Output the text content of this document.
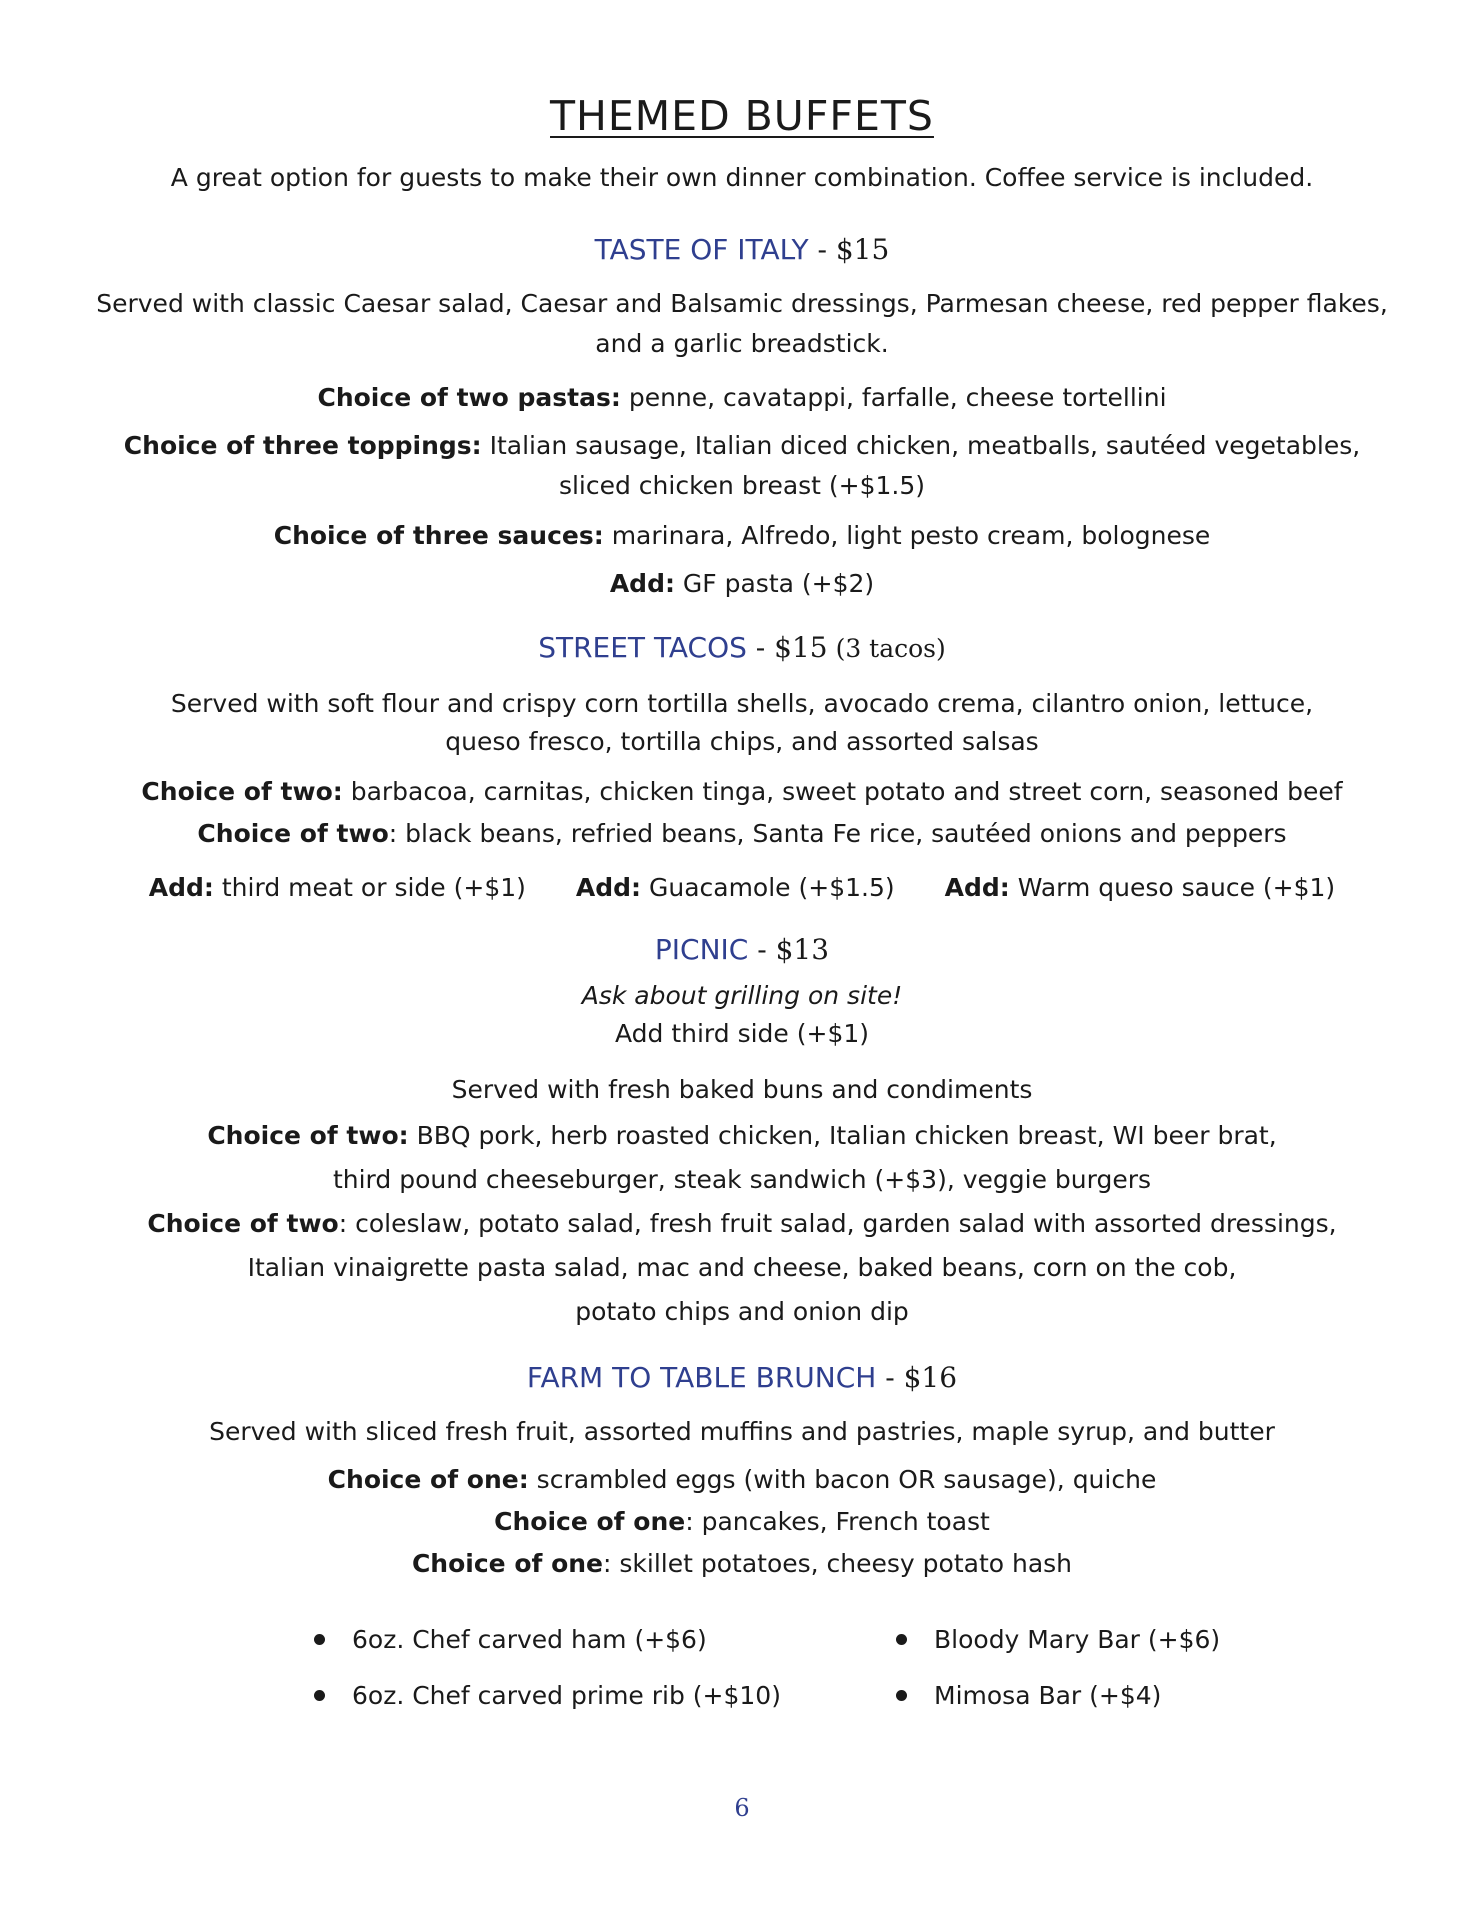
THEMED BUFFETS
A great option for guests to make their own dinner combination. Coffee service is included.
TASTE OF ITALY - $15
Served with classic Caesar salad, Caesar and Balsamic dressings, Parmesan cheese, red pepper flakes,
and a garlic breadstick.
Choice of two pastas: penne, cavatappi, farfalle, cheese tortellini
Choice of three toppings: Italian sausage, Italian diced chicken, meatballs, sautéed vegetables,
sliced chicken breast (+$1.5)
Choice of three sauces: marinara, Alfredo, light pesto cream, bolognese
Add: GF pasta (+$2)
STREET TACOS - $15 (3 tacos)
Served with soft flour and crispy corn tortilla shells, avocado crema, cilantro onion, lettuce,
queso fresco, tortilla chips, and assorted salsas
Choice of two: barbacoa, carnitas, chicken tinga, sweet potato and street corn, seasoned beef
Choice of two: black beans, refried beans, Santa Fe rice, sautéed onions and peppers
Add: third meat or side (+$1) Add: Guacamole (+$1.5) Add: Warm queso sauce (+$1)
PICNIC - $13
Ask about grilling on site!
Add third side (+$1)
Served with fresh baked buns and condiments
Choice of two: BBQ pork, herb roasted chicken, Italian chicken breast, WI beer brat,
third pound cheeseburger, steak sandwich (+$3), veggie burgers
Choice of two: coleslaw, potato salad, fresh fruit salad, garden salad with assorted dressings,
Italian vinaigrette pasta salad, mac and cheese, baked beans, corn on the cob,
potato chips and onion dip
FARM TO TABLE BRUNCH - $16
Served with sliced fresh fruit, assorted muffins and pastries, maple syrup, and butter
Choice of one: scrambled eggs (with bacon OR sausage), quiche
Choice of one: pancakes, French toast
Choice of one: skillet potatoes, cheesy potato hash
6oz. Chef carved ham (+$6)
6oz. Chef carved prime rib (+$10)
Bloody Mary Bar (+$6)
Mimosa Bar (+$4)
6
